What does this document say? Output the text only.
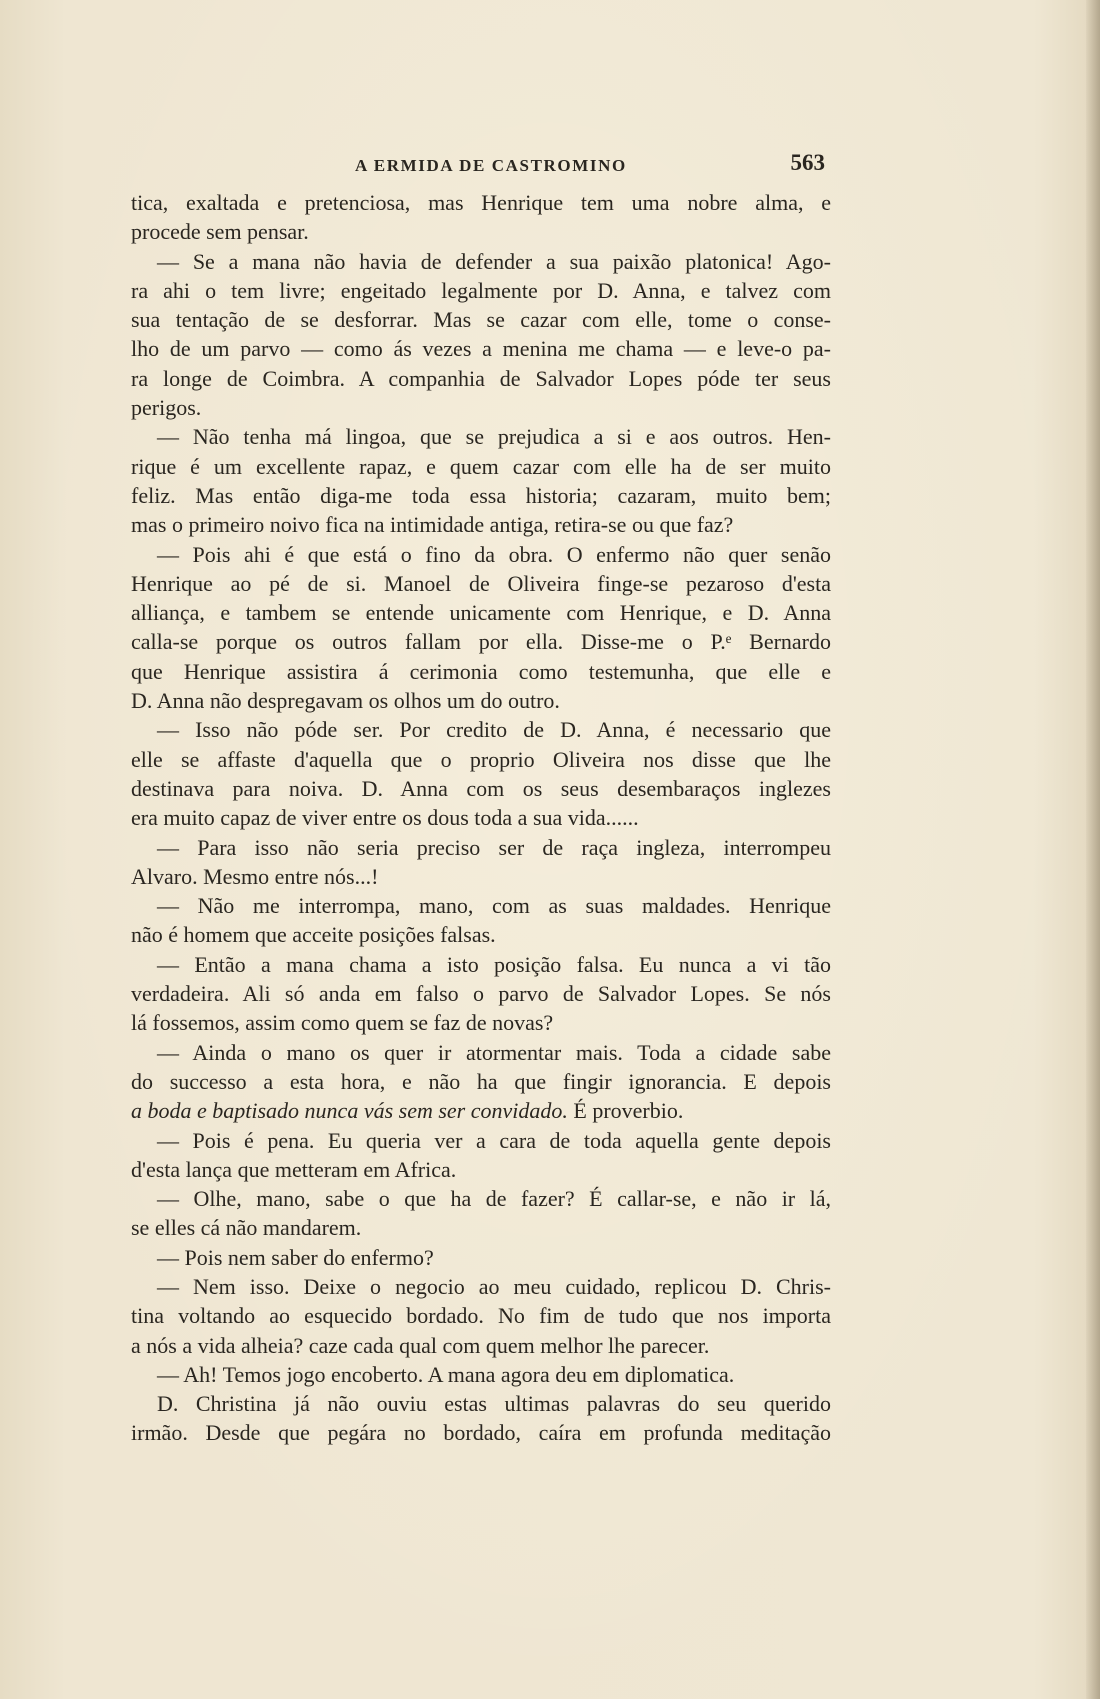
A ERMIDA DE CASTROMINO	563
tica, exaltada e pretenciosa, mas Henrique tem uma nobre alma, e
procede sem pensar.
— Se a mana não havia de defender a sua paixão platonica! Ago-
ra ahi o tem livre; engeitado legalmente por D. Anna, e talvez com
sua tentação de se desforrar. Mas se cazar com elle, tome o conse-
lho de um parvo — como ás vezes a menina me chama — e leve-o pa-
ra longe de Coimbra. A companhia de Salvador Lopes póde ter seus
perigos.
— Não tenha má lingoa, que se prejudica a si e aos outros. Hen-
rique é um excellente rapaz, e quem cazar com elle ha de ser muito
feliz. Mas então diga-me toda essa historia; cazaram, muito bem;
mas o primeiro noivo fica na intimidade antiga, retira-se ou que faz?
— Pois ahi é que está o fino da obra. O enfermo não quer senão
Henrique ao pé de si. Manoel de Oliveira finge-se pezaroso d'esta
alliança, e tambem se entende unicamente com Henrique, e D. Anna
calla-se porque os outros fallam por ella. Disse-me o P.ᵉ Bernardo
que Henrique assistira á cerimonia como testemunha, que elle e
D. Anna não despregavam os olhos um do outro.
— Isso não póde ser. Por credito de D. Anna, é necessario que
elle se affaste d'aquella que o proprio Oliveira nos disse que lhe
destinava para noiva. D. Anna com os seus desembaraços inglezes
era muito capaz de viver entre os dous toda a sua vida......
— Para isso não seria preciso ser de raça ingleza, interrompeu
Alvaro. Mesmo entre nós...!
— Não me interrompa, mano, com as suas maldades. Henrique
não é homem que acceite posições falsas.
— Então a mana chama a isto posição falsa. Eu nunca a vi tão
verdadeira. Ali só anda em falso o parvo de Salvador Lopes. Se nós
lá fossemos, assim como quem se faz de novas?
— Ainda o mano os quer ir atormentar mais. Toda a cidade sabe
do successo a esta hora, e não ha que fingir ignorancia. E depois
a boda e baptisado nunca vás sem ser convidado. É proverbio.
— Pois é pena. Eu queria ver a cara de toda aquella gente depois
d'esta lança que metteram em Africa.
— Olhe, mano, sabe o que ha de fazer? É callar-se, e não ir lá,
se elles cá não mandarem.
— Pois nem saber do enfermo?
— Nem isso. Deixe o negocio ao meu cuidado, replicou D. Chris-
tina voltando ao esquecido bordado. No fim de tudo que nos importa
a nós a vida alheia? caze cada qual com quem melhor lhe parecer.
— Ah! Temos jogo encoberto. A mana agora deu em diplomatica.
D. Christina já não ouviu estas ultimas palavras do seu querido
irmão. Desde que pegára no bordado, caíra em profunda meditação
